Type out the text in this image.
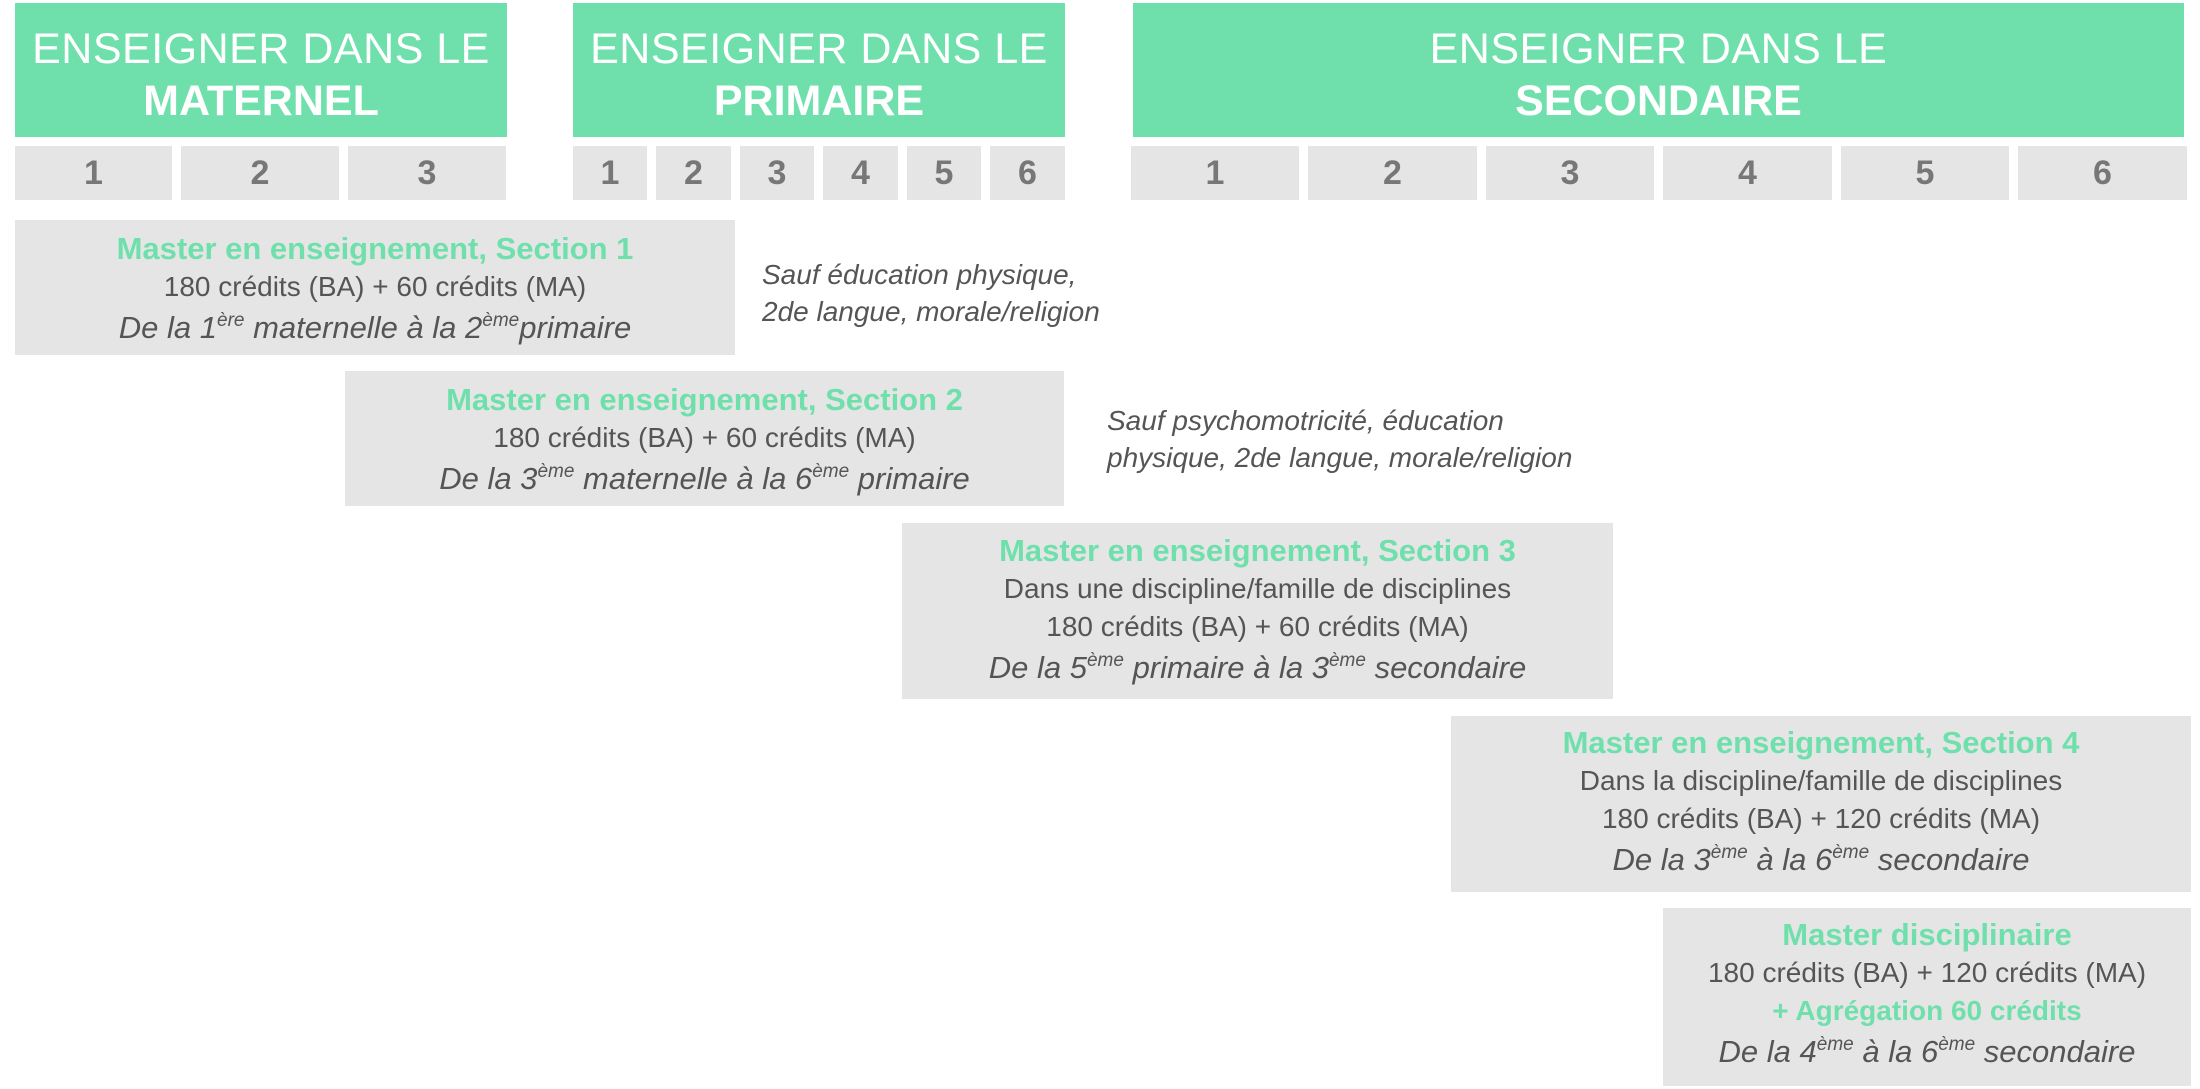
ENSEIGNER DANS LE
MATERNEL
ENSEIGNER DANS LE
PRIMAIRE
ENSEIGNER DANS LE
SECONDAIRE
1	2	3	1	2	3	4	5	6	1	2	3	4	5	6
Master en enseignement, Section 1
180 crédits (BA) + 60 crédits (MA)
De la 1ère maternelle à la 2èmeprimaire
Sauf éducation physique,
2de langue, morale/religion
Master en enseignement, Section 2
180 crédits (BA) + 60 crédits (MA)
De la 3ème maternelle à la 6ème primaire
Sauf psychomotricité, éducation
physique, 2de langue, morale/religion
Master en enseignement, Section 3
Dans une discipline/famille de disciplines
180 crédits (BA) + 60 crédits (MA)
De la 5ème primaire à la 3ème secondaire
Master en enseignement, Section 4
Dans la discipline/famille de disciplines
180 crédits (BA) + 120 crédits (MA)
De la 3ème à la 6ème secondaire
Master disciplinaire
180 crédits (BA) + 120 crédits (MA)
+ Agrégation 60 crédits
De la 4ème à la 6ème secondaire
